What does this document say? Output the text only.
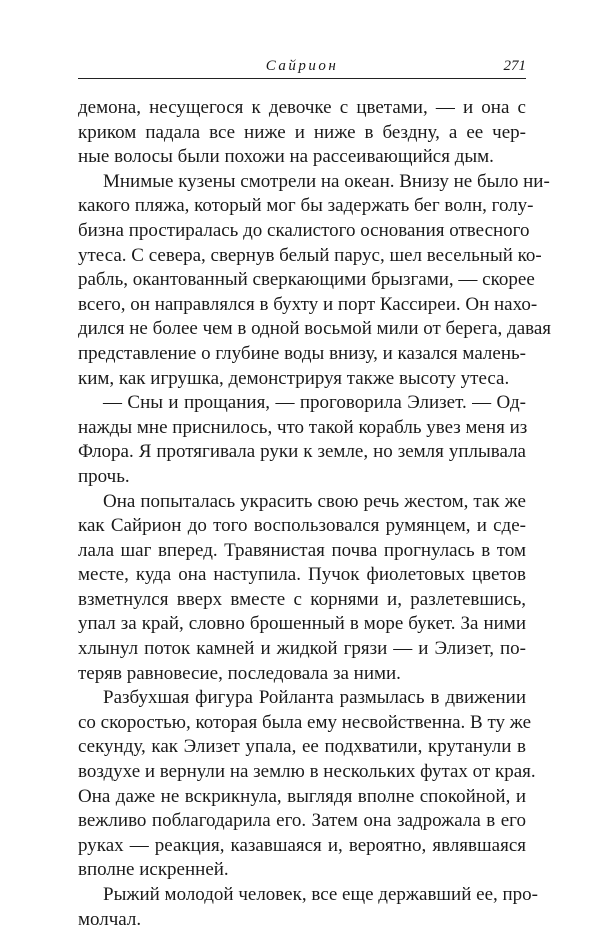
Сайрион	271

демона, несущегося к девочке с цветами, — и она с
криком падала все ниже и ниже в бездну, а ее чер-
ные волосы были похожи на рассеивающийся дым.

Мнимые кузены смотрели на океан. Внизу не было ни-
какого пляжа, который мог бы задержать бег волн, голу-
бизна простиралась до скалистого основания отвесного
утеса. С севера, свернув белый парус, шел весельный ко-
рабль, окантованный сверкающими брызгами, — скорее
всего, он направлялся в бухту и порт Кассиреи. Он нахо-
дился не более чем в одной восьмой мили от берега, давая
представление о глубине воды внизу, и казался малень-
ким, как игрушка, демонстрируя также высоту утеса.

— Сны и прощания, — проговорила Элизет. — Од-
нажды мне приснилось, что такой корабль увез меня из
Флора. Я протягивала руки к земле, но земля уплывала
прочь.

Она попыталась украсить свою речь жестом, так же
как Сайрион до того воспользовался румянцем, и сде-
лала шаг вперед. Травянистая почва прогнулась в том
месте, куда она наступила. Пучок фиолетовых цветов
взметнулся вверх вместе с корнями и, разлетевшись,
упал за край, словно брошенный в море букет. За ними
хлынул поток камней и жидкой грязи — и Элизет, по-
теряв равновесие, последовала за ними.

Разбухшая фигура Ройланта размылась в движении
со скоростью, которая была ему несвойственна. В ту же
секунду, как Элизет упала, ее подхватили, крутанули в
воздухе и вернули на землю в нескольких футах от края.
Она даже не вскрикнула, выглядя вполне спокойной, и
вежливо поблагодарила его. Затем она задрожала в его
руках — реакция, казавшаяся и, вероятно, являвшаяся
вполне искренней.

Рыжий молодой человек, все еще державший ее, про-
молчал.
